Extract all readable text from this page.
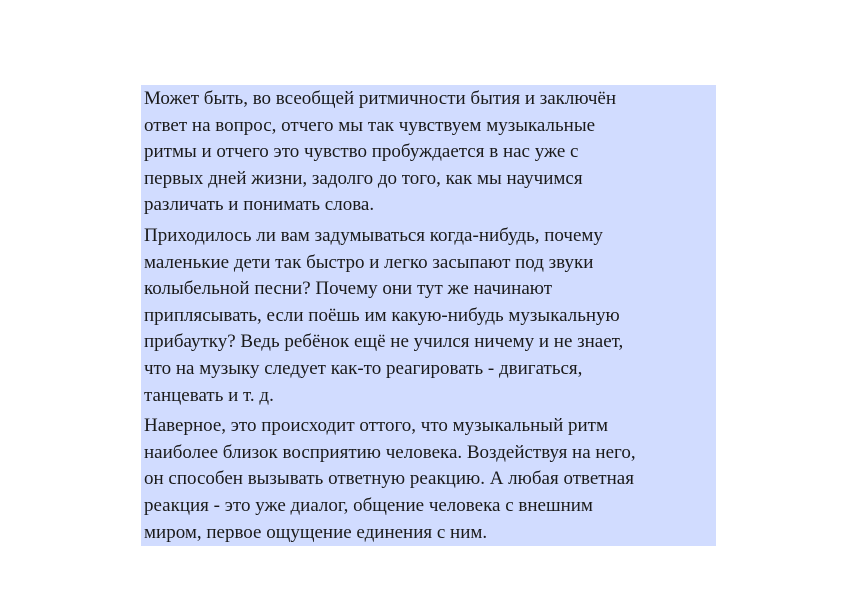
Может быть, во всеобщей ритмичности бытия и заключён
ответ на вопрос, отчего мы так чувствуем музыкальные
ритмы и отчего это чувство пробуждается в нас уже с
первых дней жизни, задолго до того, как мы научимся
различать и понимать слова.

Приходилось ли вам задумываться когда-нибудь, почему
маленькие дети так быстро и легко засыпают под звуки
колыбельной песни? Почему они тут же начинают
приплясывать, если поёшь им какую-нибудь музыкальную
прибаутку? Ведь ребёнок ещё не учился ничему и не знает,
что на музыку следует как-то реагировать - двигаться,
танцевать и т. д.

Наверное, это происходит оттого, что музыкальный ритм
наиболее близок восприятию человека. Воздействуя на него,
он способен вызывать ответную реакцию. А любая ответная
реакция - это уже диалог, общение человека с внешним
миром, первое ощущение единения с ним.
